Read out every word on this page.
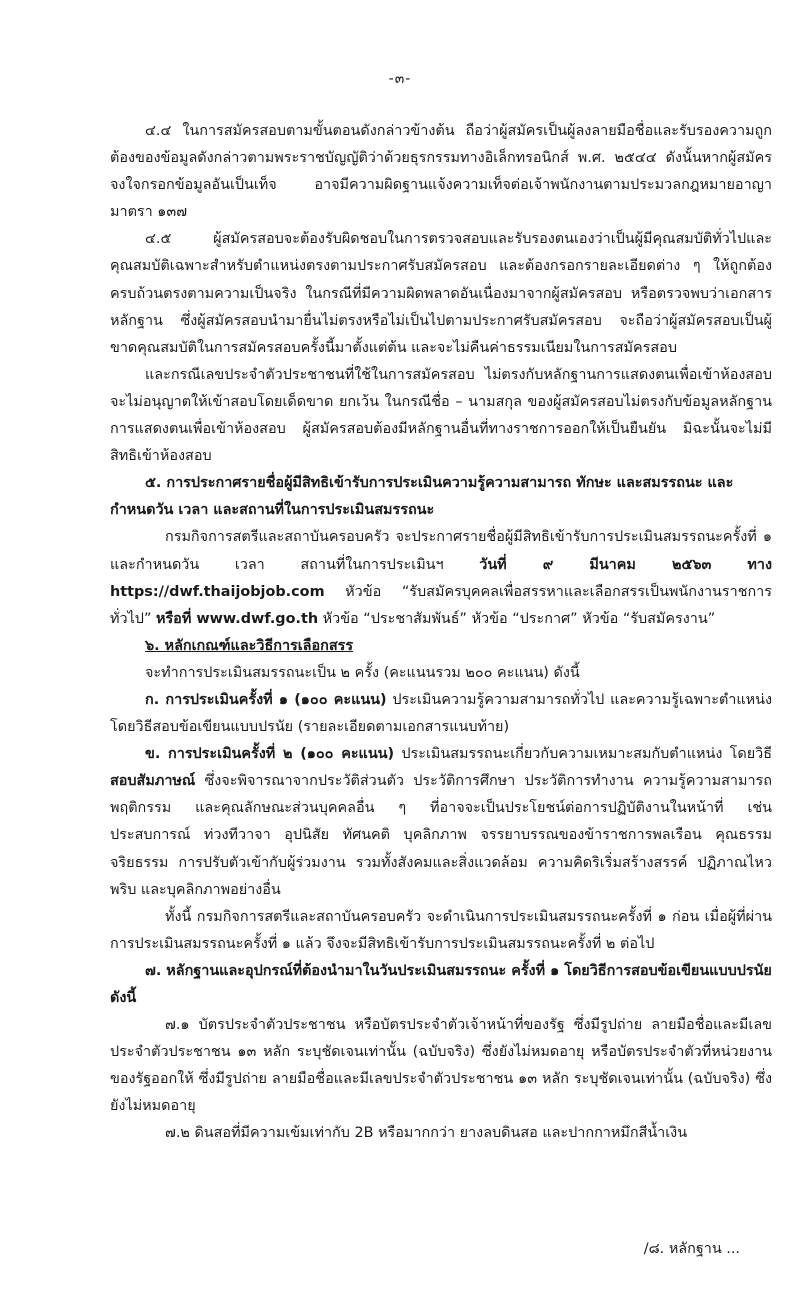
-๓-

๔.๔ ในการสมัครสอบตามขั้นตอนดังกล่าวข้างต้น ถือว่าผู้สมัครเป็นผู้ลงลายมือชื่อและรับรองความถูกต้องของข้อมูลดังกล่าวตามพระราชบัญญัติว่าด้วยธุรกรรมทางอิเล็กทรอนิกส์ พ.ศ. ๒๕๔๔ ดังนั้นหากผู้สมัครจงใจกรอกข้อมูลอันเป็นเท็จ อาจมีความผิดฐานแจ้งความเท็จต่อเจ้าพนักงานตามประมวลกฎหมายอาญามาตรา ๑๓๗

๔.๕ ผู้สมัครสอบจะต้องรับผิดชอบในการตรวจสอบและรับรองตนเองว่าเป็นผู้มีคุณสมบัติทั่วไปและคุณสมบัติเฉพาะสำหรับตำแหน่งตรงตามประกาศรับสมัครสอบ และต้องกรอกรายละเอียดต่าง ๆ ให้ถูกต้องครบถ้วนตรงตามความเป็นจริง ในกรณีที่มีความผิดพลาดอันเนื่องมาจากผู้สมัครสอบ หรือตรวจพบว่าเอกสารหลักฐาน ซึ่งผู้สมัครสอบนำมายื่นไม่ตรงหรือไม่เป็นไปตามประกาศรับสมัครสอบ จะถือว่าผู้สมัครสอบเป็นผู้ขาดคุณสมบัติในการสมัครสอบครั้งนี้มาตั้งแต่ต้น และจะไม่คืนค่าธรรมเนียมในการสมัครสอบ

และกรณีเลขประจำตัวประชาชนที่ใช้ในการสมัครสอบ ไม่ตรงกับหลักฐานการแสดงตนเพื่อเข้าห้องสอบ จะไม่อนุญาตให้เข้าสอบโดยเด็ดขาด ยกเว้น ในกรณีชื่อ – นามสกุล ของผู้สมัครสอบไม่ตรงกับข้อมูลหลักฐานการแสดงตนเพื่อเข้าห้องสอบ ผู้สมัครสอบต้องมีหลักฐานอื่นที่ทางราชการออกให้เป็นยืนยัน มิฉะนั้นจะไม่มีสิทธิเข้าห้องสอบ

๕. การประกาศรายชื่อผู้มีสิทธิเข้ารับการประเมินความรู้ความสามารถ ทักษะ และสมรรถนะ และกำหนดวัน เวลา และสถานที่ในการประเมินสมรรถนะ

กรมกิจการสตรีและสถาบันครอบครัว จะประกาศรายชื่อผู้มีสิทธิเข้ารับการประเมินสมรรถนะครั้งที่ ๑ และกำหนดวัน เวลา สถานที่ในการประเมินฯ วันที่ ๙ มีนาคม ๒๕๖๓ ทาง https://dwf.thaijobjob.com หัวข้อ “รับสมัครบุคคลเพื่อสรรหาและเลือกสรรเป็นพนักงานราชการทั่วไป” หรือที่ www.dwf.go.th หัวข้อ “ประชาสัมพันธ์” หัวข้อ “ประกาศ” หัวข้อ “รับสมัครงาน”

๖. หลักเกณฑ์และวิธีการเลือกสรร

จะทำการประเมินสมรรถนะเป็น ๒ ครั้ง (คะแนนรวม ๒๐๐ คะแนน) ดังนี้

ก. การประเมินครั้งที่ ๑ (๑๐๐ คะแนน) ประเมินความรู้ความสามารถทั่วไป และความรู้เฉพาะตำแหน่งโดยวิธีสอบข้อเขียนแบบปรนัย (รายละเอียดตามเอกสารแนบท้าย)

ข. การประเมินครั้งที่ ๒ (๑๐๐ คะแนน) ประเมินสมรรถนะเกี่ยวกับความเหมาะสมกับตำแหน่ง โดยวิธีสอบสัมภาษณ์ ซึ่งจะพิจารณาจากประวัติส่วนตัว ประวัติการศึกษา ประวัติการทำงาน ความรู้ความสามารถ พฤติกรรม และคุณลักษณะส่วนบุคคลอื่น ๆ ที่อาจจะเป็นประโยชน์ต่อการปฏิบัติงานในหน้าที่ เช่น ประสบการณ์ ท่วงทีวาจา อุปนิสัย ทัศนคติ บุคลิกภาพ จรรยาบรรณของข้าราชการพลเรือน คุณธรรม จริยธรรม การปรับตัวเข้ากับผู้ร่วมงาน รวมทั้งสังคมและสิ่งแวดล้อม ความคิดริเริ่มสร้างสรรค์ ปฏิภาณไหวพริบ และบุคลิกภาพอย่างอื่น

ทั้งนี้ กรมกิจการสตรีและสถาบันครอบครัว จะดำเนินการประเมินสมรรถนะครั้งที่ ๑ ก่อน เมื่อผู้ที่ผ่านการประเมินสมรรถนะครั้งที่ ๑ แล้ว จึงจะมีสิทธิเข้ารับการประเมินสมรรถนะครั้งที่ ๒ ต่อไป

๗. หลักฐานและอุปกรณ์ที่ต้องนำมาในวันประเมินสมรรถนะ ครั้งที่ ๑ โดยวิธีการสอบข้อเขียนแบบปรนัย ดังนี้

๗.๑ บัตรประจำตัวประชาชน หรือบัตรประจำตัวเจ้าหน้าที่ของรัฐ ซึ่งมีรูปถ่าย ลายมือชื่อและมีเลขประจำตัวประชาชน ๑๓ หลัก ระบุชัดเจนเท่านั้น (ฉบับจริง) ซึ่งยังไม่หมดอายุ หรือบัตรประจำตัวที่หน่วยงานของรัฐออกให้ ซึ่งมีรูปถ่าย ลายมือชื่อและมีเลขประจำตัวประชาชน ๑๓ หลัก ระบุชัดเจนเท่านั้น (ฉบับจริง) ซึ่งยังไม่หมดอายุ

๗.๒ ดินสอที่มีความเข้มเท่ากับ 2B หรือมากกว่า ยางลบดินสอ และปากกาหมึกสีน้ำเงิน

/๘. หลักฐาน ...
